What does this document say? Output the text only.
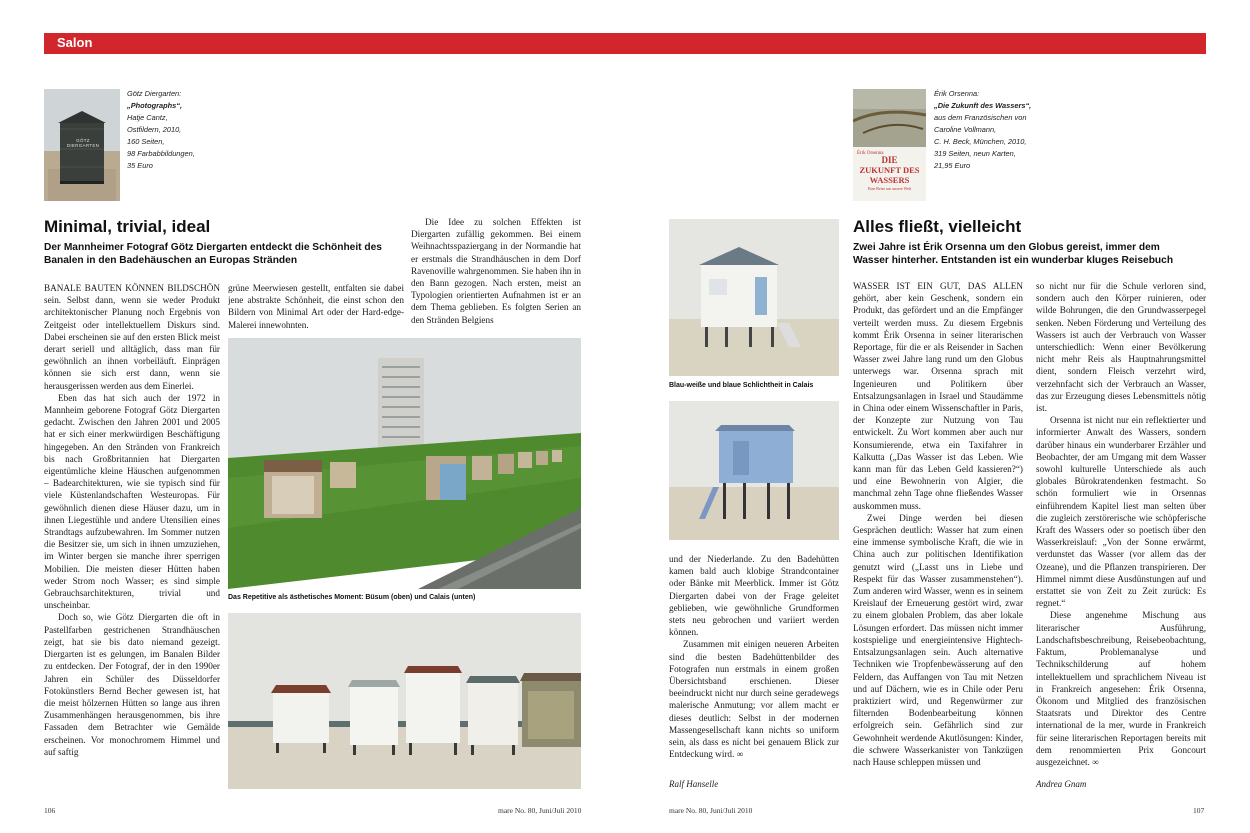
Salon
GÖTZ DIERGARTEN
Götz Diergarten:
„Photographs“,
Hatje Cantz,
Ostfildern, 2010,
160 Seiten,
98 Farbabbildungen,
35 Euro
Minimal, trivial, ideal
Der Mannheimer Fotograf Götz Diergarten entdeckt die Schönheit des Banalen in den Badehäuschen an Europas Stränden

BANALE BAUTEN KÖNNEN BILDSCHÖN sein. Selbst dann, wenn sie weder Produkt architektonischer Planung noch Ergebnis von Zeitgeist oder intellektuellem Diskurs sind. Dabei erscheinen sie auf den ersten Blick meist derart seriell und alltäglich, dass man für gewöhnlich an ihnen vorbeiläuft. Einprägen können sie sich erst dann, wenn sie herausgerissen werden aus dem Einerlei.

Eben das hat sich auch der 1972 in Mannheim geborene Fotograf Götz Diergarten gedacht. Zwischen den Jahren 2001 und 2005 hat er sich einer merkwürdigen Beschäftigung hingegeben. An den Stränden von Frankreich bis nach Großbritannien hat Diergarten eigentümliche kleine Häuschen aufgenommen – Badearchitekturen, wie sie typisch sind für viele Küstenlandschaften Westeuropas. Für gewöhnlich dienen diese Häuser dazu, um in ihnen Liegestühle und andere Utensilien eines Strandtags aufzubewahren. Im Sommer nutzen die Besitzer sie, um sich in ihnen umzuziehen, im Winter bergen sie manche ihrer sperrigen Mobilien. Die meisten dieser Hütten haben weder Strom noch Wasser; es sind simple Gebrauchsarchitekturen, trivial und unscheinbar.

Doch so, wie Götz Diergarten die oft in Pastellfarben gestrichenen Strandhäuschen zeigt, hat sie bis dato niemand gezeigt. Diergarten ist es gelungen, im Banalen Bilder zu entdecken. Der Fotograf, der in den 1990er Jahren ein Schüler des Düsseldorfer Fotokünstlers Bernd Becher gewesen ist, hat die meist hölzernen Hütten so lange aus ihren Zusammenhängen herausgenommen, bis ihre Fassaden dem Betrachter wie Gemälde erscheinen. Vor monochromem Himmel und auf saftig

grüne Meerwiesen gestellt, entfalten sie dabei jene abstrakte Schönheit, die einst schon den Bildern von Minimal Art oder der Hard-edge-Malerei innewohnten.

Die Idee zu solchen Effekten ist Diergarten zufällig gekommen. Bei einem Weihnachtsspaziergang in der Normandie hat er erstmals die Strandhäuschen in dem Dorf Ravenoville wahrgenommen. Sie haben ihn in den Bann gezogen. Nach ersten, meist an Typologien orientierten Aufnahmen ist er an dem Thema geblieben. Es folgten Serien an den Stränden Belgiens

Das Repetitive als ästhetisches Moment: Büsum (oben) und Calais (unten)
106	mare No. 80, Juni/Juli 2010
Blau-weiße und blaue Schlichtheit in Calais
Érik Orsenna
DIE
ZUKUNFT DES
WASSERS
Eine Reise um unsere Welt
Érik Orsenna:
„Die Zukunft des Wassers“,
aus dem Französischen von
Caroline Vollmann,
C. H. Beck, München, 2010,
319 Seiten, neun Karten,
21,95 Euro
Alles fließt, vielleicht
Zwei Jahre ist Érik Orsenna um den Globus gereist, immer dem Wasser hinterher. Entstanden ist ein wunderbar kluges Reisebuch

und der Niederlande. Zu den Badehütten kamen bald auch klobige Strandcontainer oder Bänke mit Meerblick. Immer ist Götz Diergarten dabei von der Frage geleitet geblieben, wie gewöhnliche Grundformen stets neu gebrochen und variiert werden können.

Zusammen mit einigen neueren Arbeiten sind die besten Badehüttenbilder des Fotografen nun erstmals in einem großen Übersichtsband erschienen. Dieser beeindruckt nicht nur durch seine geradewegs malerische Anmutung; vor allem macht er dieses deutlich: Selbst in der modernen Massengesellschaft kann nichts so uniform sein, als dass es nicht bei genauem Blick zur Entdeckung wird. ∞

Ralf Hanselle

WASSER IST EIN GUT, DAS ALLEN gehört, aber kein Geschenk, sondern ein Produkt, das gefördert und an die Empfänger verteilt werden muss. Zu diesem Ergebnis kommt Érik Orsenna in seiner literarischen Reportage, für die er als Reisender in Sachen Wasser zwei Jahre lang rund um den Globus unterwegs war. Orsenna sprach mit Ingenieuren und Politikern über Entsalzungsanlagen in Israel und Staudämme in China oder einem Wissenschaftler in Paris, der Konzepte zur Nutzung von Tau entwickelt. Zu Wort kommen aber auch nur Konsumierende, etwa ein Taxifahrer in Kalkutta („Das Wasser ist das Leben. Wie kann man für das Leben Geld kassieren?“) und eine Bewohnerin von Algier, die manchmal zehn Tage ohne fließendes Wasser auskommen muss.

Zwei Dinge werden bei diesen Gesprächen deutlich: Wasser hat zum einen eine immense symbolische Kraft, die wie in China auch zur politischen Identifikation genutzt wird („Lasst uns in Liebe und Respekt für das Wasser zusammenstehen“). Zum anderen wird Wasser, wenn es in seinem Kreislauf der Erneuerung gestört wird, zwar zu einem globalen Problem, das aber lokale Lösungen erfordert. Das müssen nicht immer kostspielige und energieintensive Hightech-Entsalzungsanlagen sein. Auch alternative Techniken wie Tropfenbewässerung auf den Feldern, das Auffangen von Tau mit Netzen und auf Dächern, wie es in Chile oder Peru praktiziert wird, und Regenwürmer zur filternden Bodenbearbeitung können erfolgreich sein. Gefährlich sind zur Gewohnheit werdende Akutlösungen: Kinder, die schwere Wasserkanister von Tankzügen nach Hause schleppen müssen und

so nicht nur für die Schule verloren sind, sondern auch den Körper ruinieren, oder wilde Bohrungen, die den Grundwasserpegel senken. Neben Förderung und Verteilung des Wassers ist auch der Verbrauch von Wasser unterschiedlich: Wenn einer Bevölkerung nicht mehr Reis als Hauptnahrungsmittel dient, sondern Fleisch verzehrt wird, verzehnfacht sich der Verbrauch an Wasser, das zur Erzeugung dieses Lebensmittels nötig ist.

Orsenna ist nicht nur ein reflektierter und informierter Anwalt des Wassers, sondern darüber hinaus ein wunderbarer Erzähler und Beobachter, der am Umgang mit dem Wasser sowohl kulturelle Unterschiede als auch globales Bürokratendenken festmacht. So schön formuliert wie in Orsennas einführendem Kapitel liest man selten über die zugleich zerstörerische wie schöpferische Kraft des Wassers oder so poetisch über den Wasserkreislauf: „Von der Sonne erwärmt, verdunstet das Wasser (vor allem das der Ozeane), und die Pflanzen transpirieren. Der Himmel nimmt diese Ausdünstungen auf und erstattet sie von Zeit zu Zeit zurück: Es regnet.“

Diese angenehme Mischung aus literarischer Ausführung, Landschaftsbeschreibung, Reisebeobachtung, Faktum, Problemanalyse und Technikschilderung auf hohem intellektuellem und sprachlichem Niveau ist in Frankreich angesehen: Érik Orsenna, Ökonom und Mitglied des französischen Staatsrats und Direktor des Centre international de la mer, wurde in Frankreich für seine literarischen Reportagen bereits mit dem renommierten Prix Goncourt ausgezeichnet. ∞

Andrea Gnam
mare No. 80, Juni/Juli 2010	107
